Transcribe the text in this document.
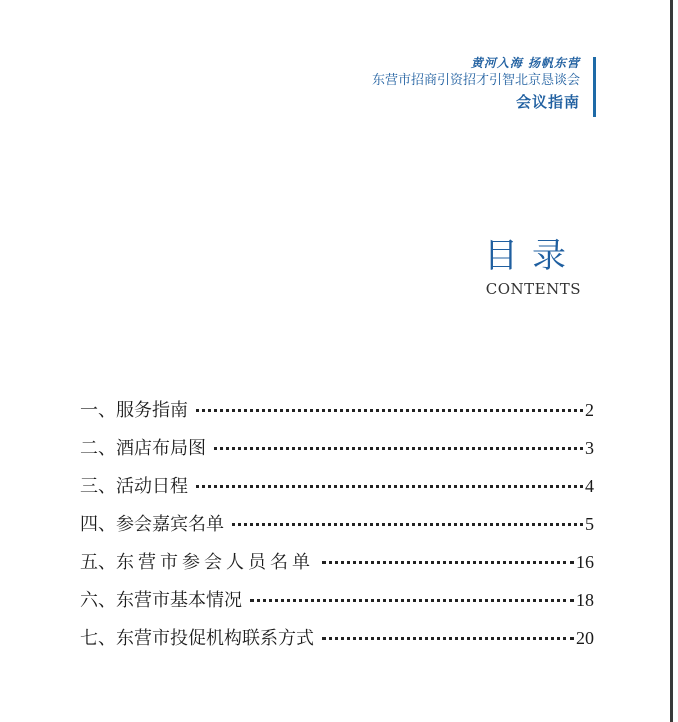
黄河入海 扬帆东营
东营市招商引资招才引智北京恳谈会
会议指南
目录
CONTENTS
一、 服务指南	2
二、 酒店布局图	3
三、 活动日程	4
四、 参会嘉宾名单	5
五、 东营市参会人员名单	16
六、 东营市基本情况	18
七、 东营市投促机构联系方式	20
